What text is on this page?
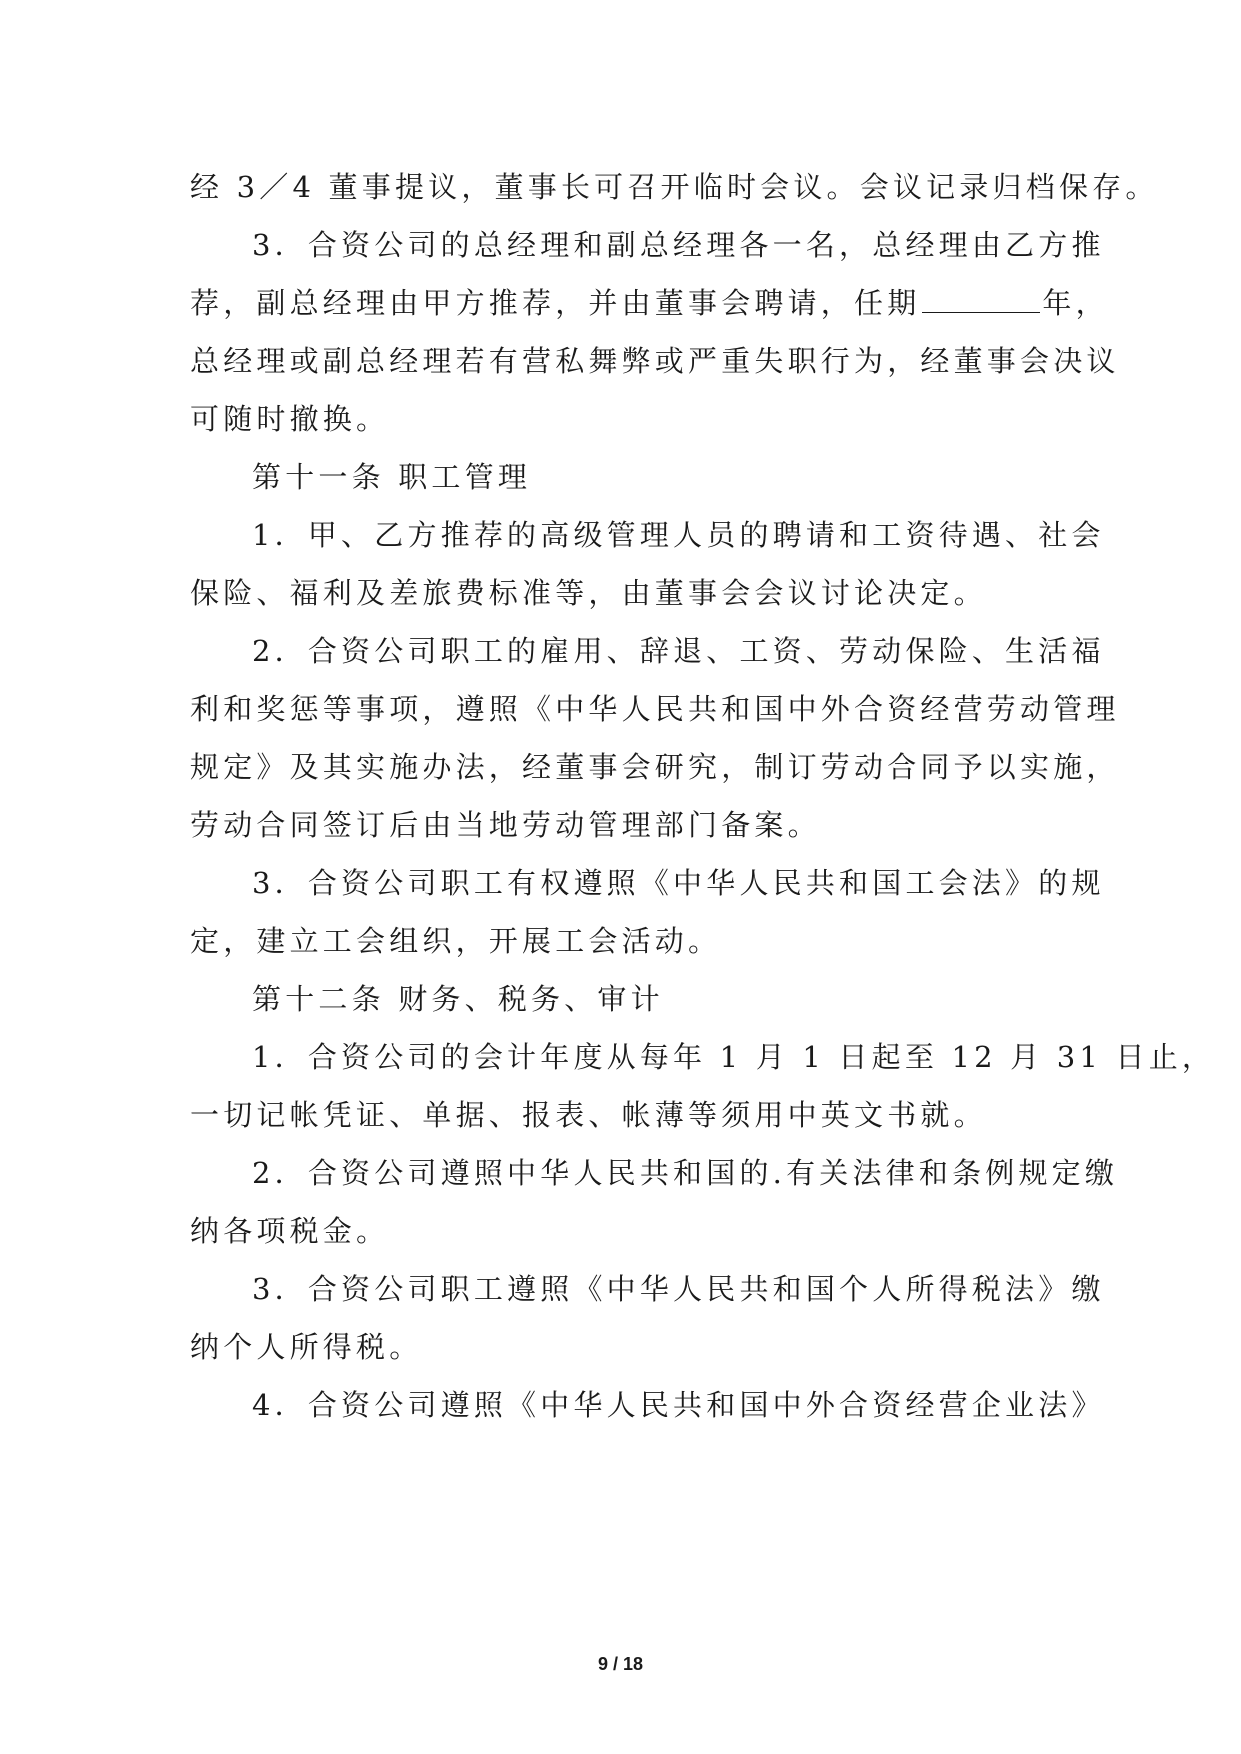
经 3／4 董事提议，董事长可召开临时会议。会议记录归档保存。
3．合资公司的总经理和副总经理各一名，总经理由乙方推
荐，副总经理由甲方推荐，并由董事会聘请，任期	年，
总经理或副总经理若有营私舞弊或严重失职行为，经董事会决议
可随时撤换。
第十一条 职工管理
1．甲、乙方推荐的高级管理人员的聘请和工资待遇、社会
保险、福利及差旅费标准等，由董事会会议讨论决定。
2．合资公司职工的雇用、辞退、工资、劳动保险、生活福
利和奖惩等事项，遵照《中华人民共和国中外合资经营劳动管理
规定》及其实施办法，经董事会研究，制订劳动合同予以实施，
劳动合同签订后由当地劳动管理部门备案。
3．合资公司职工有权遵照《中华人民共和国工会法》的规
定，建立工会组织，开展工会活动。
第十二条 财务、税务、审计
1．合资公司的会计年度从每年 1 月 1 日起至 12 月 31 日止，
一切记帐凭证、单据、报表、帐薄等须用中英文书就。
2．合资公司遵照中华人民共和国的.有关法律和条例规定缴
纳各项税金。
3．合资公司职工遵照《中华人民共和国个人所得税法》缴
纳个人所得税。
4．合资公司遵照《中华人民共和国中外合资经营企业法》
9 / 18
